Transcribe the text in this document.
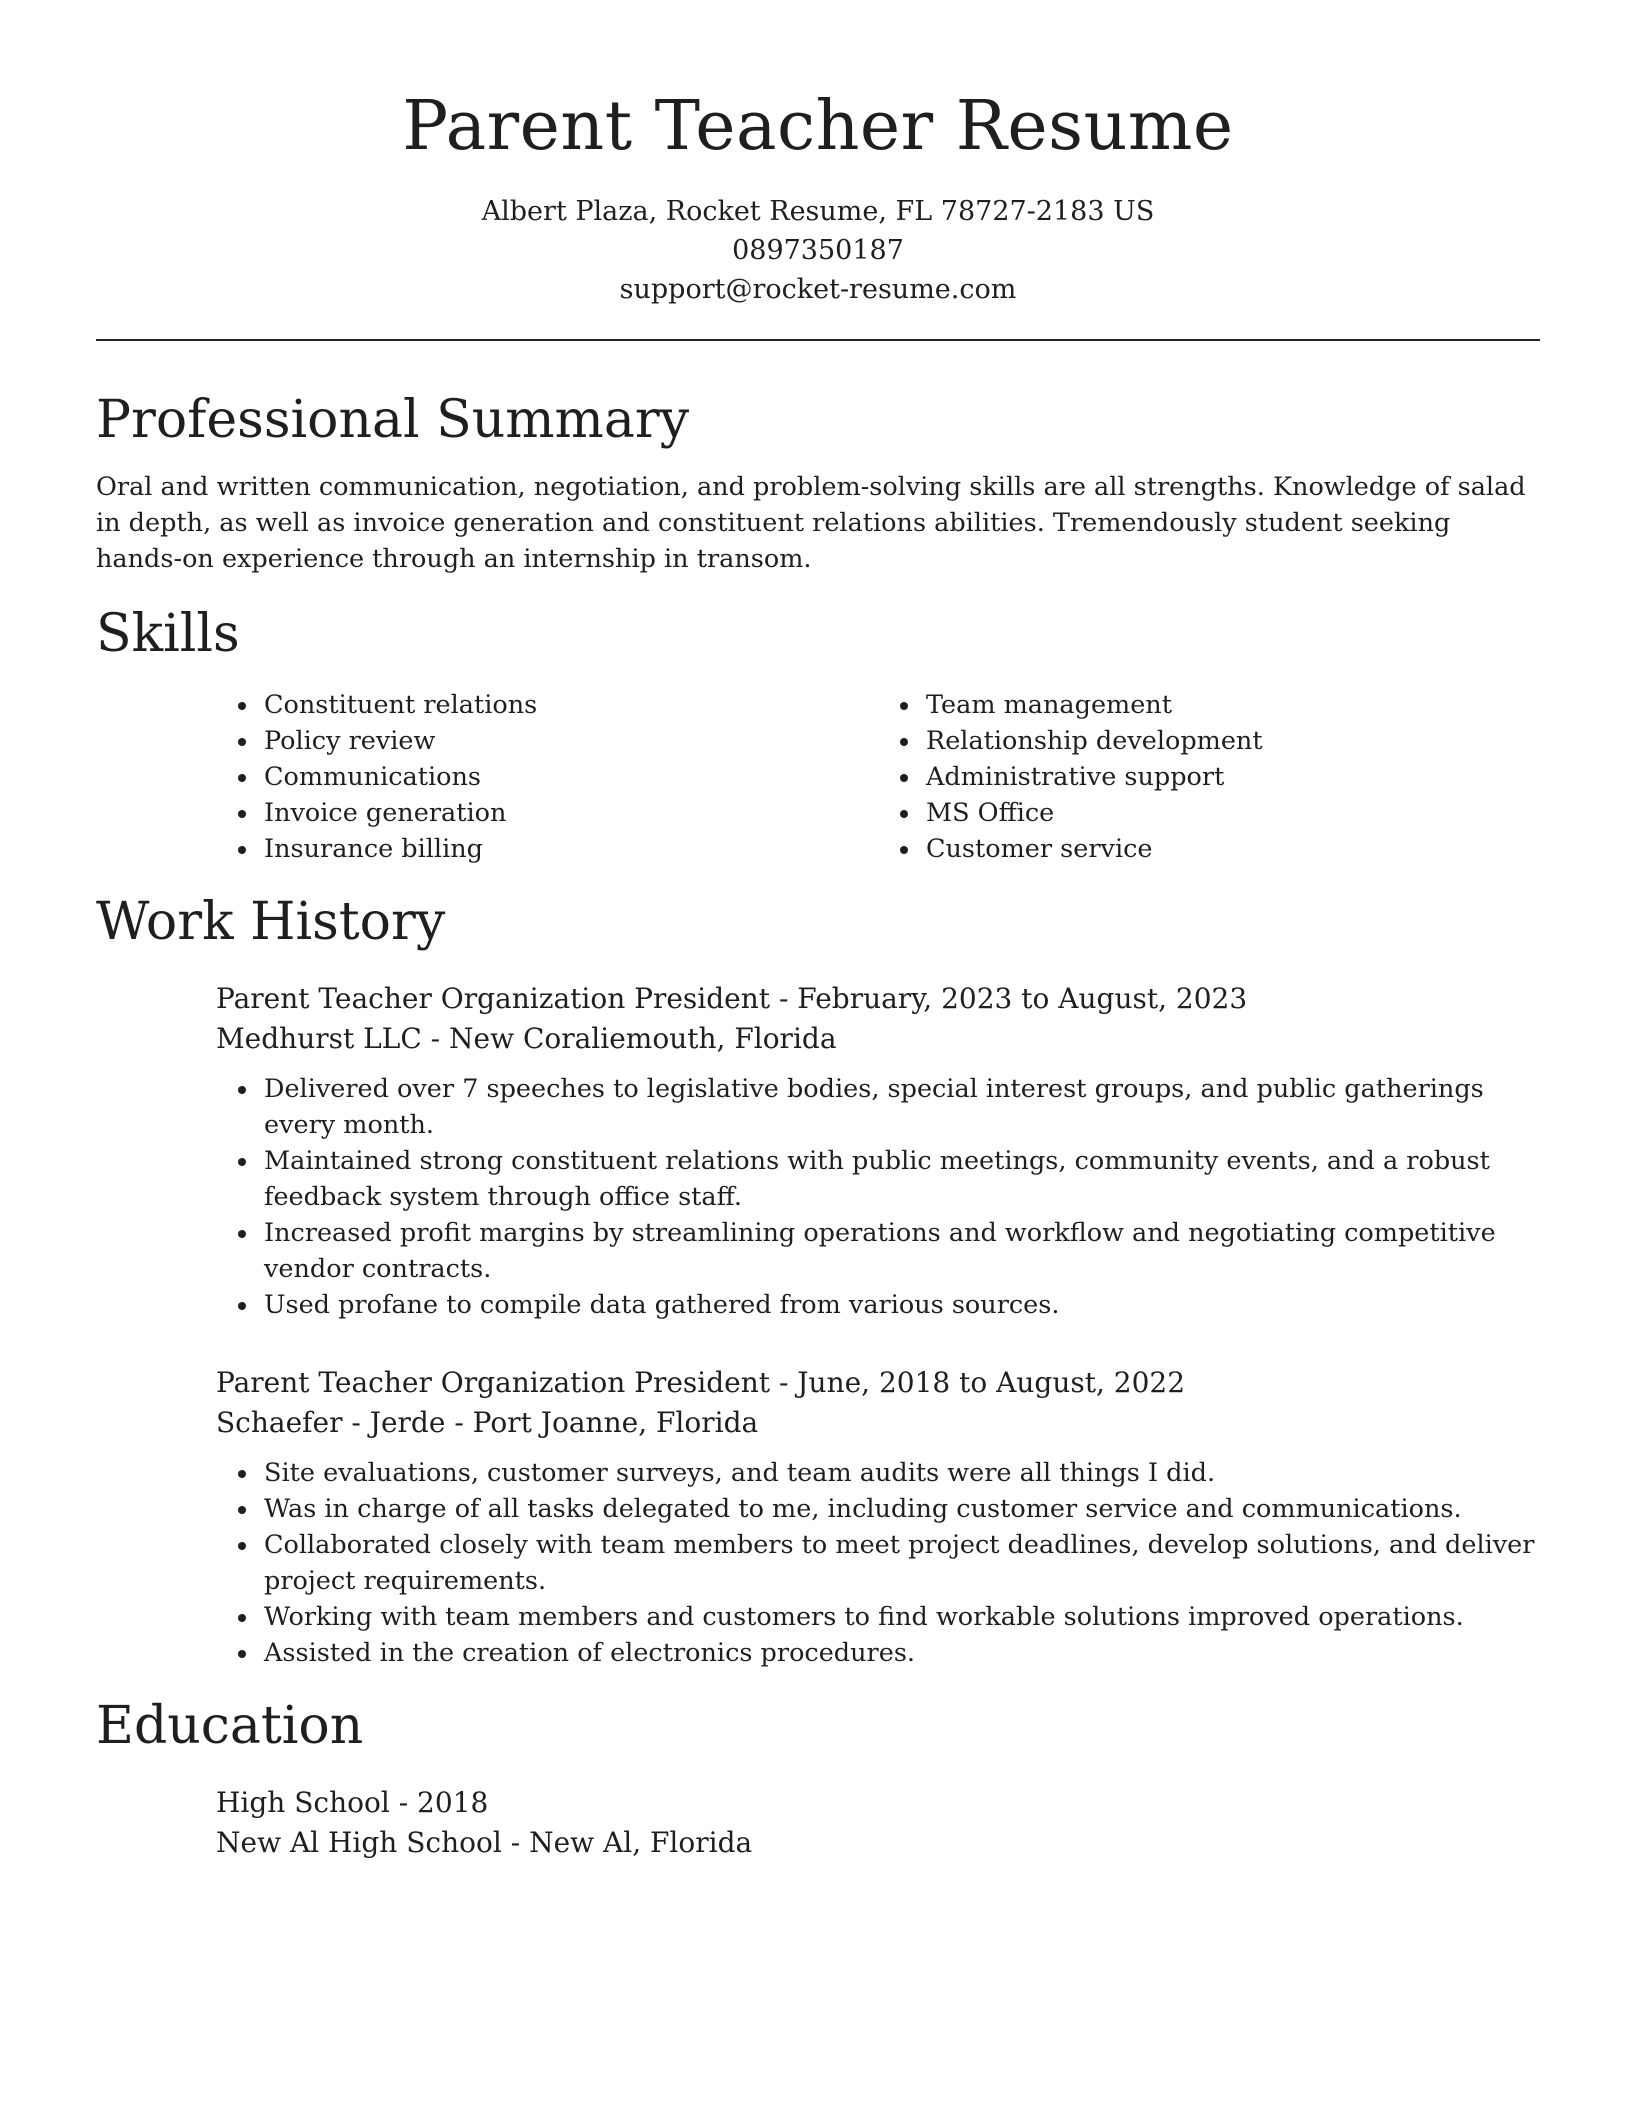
Parent Teacher Resume

Albert Plaza, Rocket Resume, FL 78727-2183 US

0897350187

support@rocket-resume.com

Professional Summary

Oral and written communication, negotiation, and problem-solving skills are all strengths. Knowledge of salad in depth, as well as invoice generation and constituent relations abilities. Tremendously student seeking hands-on experience through an internship in transom.

Skills
• Constituent relations
• Policy review
• Communications
• Invoice generation
• Insurance billing
• Team management
• Relationship development
• Administrative support
• MS Office
• Customer service
Work History

Parent Teacher Organization President - February, 2023 to August, 2023

Medhurst LLC - New Coraliemouth, Florida

• Delivered over 7 speeches to legislative bodies, special interest groups, and public gatherings every month.
• Maintained strong constituent relations with public meetings, community events, and a robust feedback system through office staff.
• Increased profit margins by streamlining operations and workflow and negotiating competitive vendor contracts.
• Used profane to compile data gathered from various sources.

Parent Teacher Organization President - June, 2018 to August, 2022

Schaefer - Jerde - Port Joanne, Florida

• Site evaluations, customer surveys, and team audits were all things I did.
• Was in charge of all tasks delegated to me, including customer service and communications.
• Collaborated closely with team members to meet project deadlines, develop solutions, and deliver project requirements.
• Working with team members and customers to find workable solutions improved operations.
• Assisted in the creation of electronics procedures.
Education

High School - 2018

New Al High School - New Al, Florida
